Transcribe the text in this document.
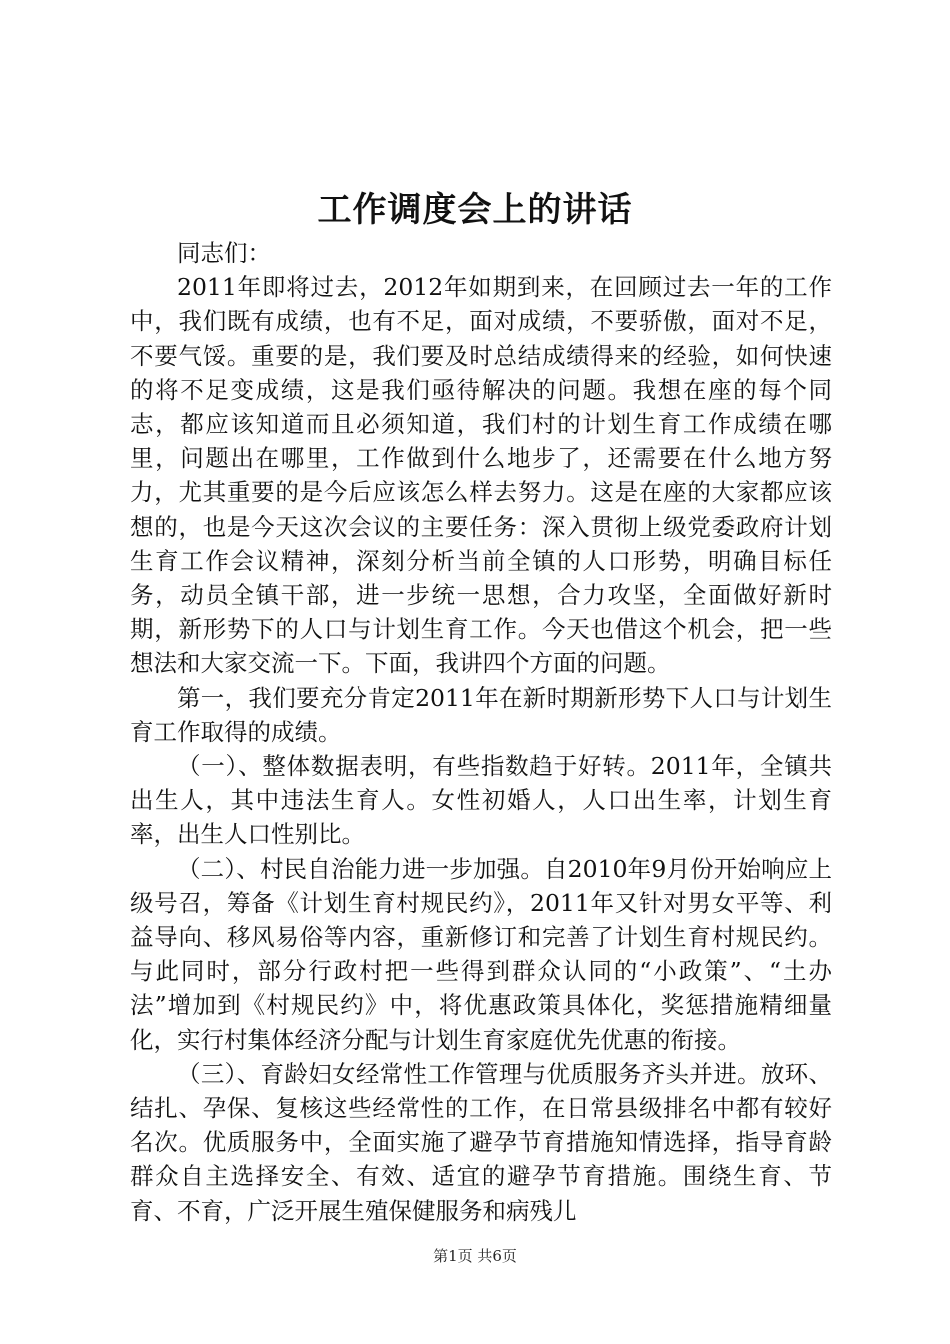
工作调度会上的讲话

同志们：

2011年即将过去，2012年如期到来，在回顾过去一年的工作中，我们既有成绩，也有不足，面对成绩，不要骄傲，面对不足，不要气馁。重要的是，我们要及时总结成绩得来的经验，如何快速的将不足变成绩，这是我们亟待解决的问题。我想在座的每个同志，都应该知道而且必须知道，我们村的计划生育工作成绩在哪里，问题出在哪里，工作做到什么地步了，还需要在什么地方努力，尤其重要的是今后应该怎么样去努力。这是在座的大家都应该想的，也是今天这次会议的主要任务：深入贯彻上级党委政府计划生育工作会议精神，深刻分析当前全镇的人口形势，明确目标任务，动员全镇干部，进一步统一思想，合力攻坚，全面做好新时期，新形势下的人口与计划生育工作。今天也借这个机会，把一些想法和大家交流一下。下面，我讲四个方面的问题。

第一，我们要充分肯定2011年在新时期新形势下人口与计划生育工作取得的成绩。

（一）、整体数据表明，有些指数趋于好转。2011年，全镇共出生人，其中违法生育人。女性初婚人，人口出生率，计划生育率，出生人口性别比。

（二）、村民自治能力进一步加强。自2010年9月份开始响应上级号召，筹备《计划生育村规民约》，2011年又针对男女平等、利益导向、移风易俗等内容，重新修订和完善了计划生育村规民约。与此同时，部分行政村把一些得到群众认同的“小政策”、“土办法”增加到《村规民约》中，将优惠政策具体化，奖惩措施精细量化，实行村集体经济分配与计划生育家庭优先优惠的衔接。

（三）、育龄妇女经常性工作管理与优质服务齐头并进。放环、结扎、孕保、复核这些经常性的工作，在日常县级排名中都有较好名次。优质服务中，全面实施了避孕节育措施知情选择，指导育龄群众自主选择安全、有效、适宜的避孕节育措施。围绕生育、节育、不育，广泛开展生殖保健服务和病残儿

第1页 共6页
